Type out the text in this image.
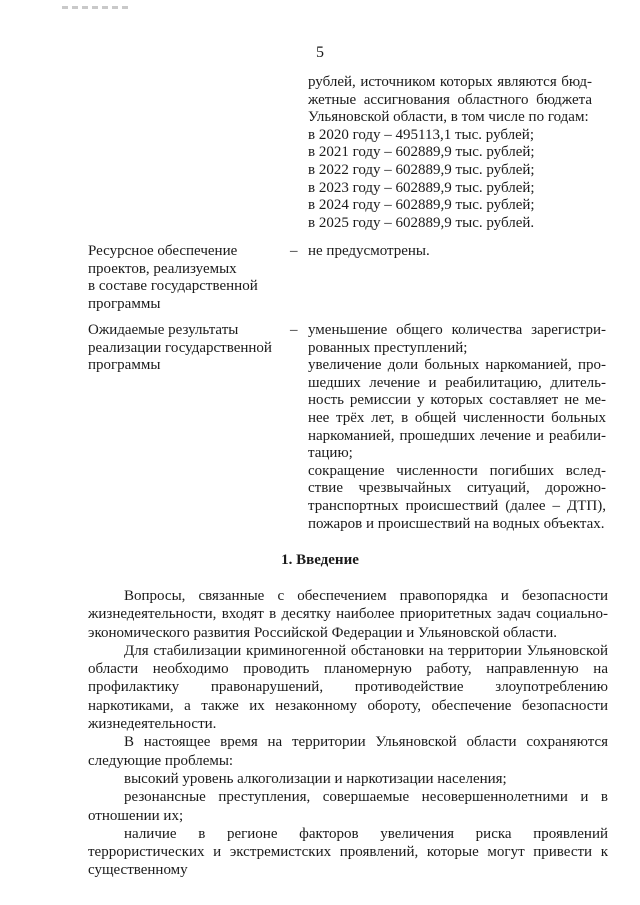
5
рублей, источником которых являются бюд-
жетные ассигнования областного бюджета
Ульяновской области, в том числе по годам:
в 2020 году – 495113,1 тыс. рублей;
в 2021 году – 602889,9 тыс. рублей;
в 2022 году – 602889,9 тыс. рублей;
в 2023 году – 602889,9 тыс. рублей;
в 2024 году – 602889,9 тыс. рублей;
в 2025 году – 602889,9 тыс. рублей.
Ресурсное обеспечение
проектов, реализуемых
в составе государственной
программы
– не предусмотрены.
Ожидаемые результаты
реализации государственной
программы
– уменьшение общего количества зарегистри-
рованных преступлений;
увеличение доли больных наркоманией, про-
шедших лечение и реабилитацию, длитель-
ность ремиссии у которых составляет не ме-
нее трёх лет, в общей численности больных
наркоманией, прошедших лечение и реабили-
тацию;
сокращение численности погибших вслед-
ствие чрезвычайных ситуаций, дорожно-
транспортных происшествий (далее – ДТП),
пожаров и происшествий на водных объектах.
1. Введение
Вопросы, связанные с обеспечением правопорядка и безопасности жизнедеятельности, входят в десятку наиболее приоритетных задач социально-экономического развития Российской Федерации и Ульяновской области.
Для стабилизации криминогенной обстановки на территории Ульяновской области необходимо проводить планомерную работу, направленную на профилактику правонарушений, противодействие злоупотреблению наркотиками, а также их незаконному обороту, обеспечение безопасности жизнедеятельности.
В настоящее время на территории Ульяновской области сохраняются следующие проблемы:
высокий уровень алкоголизации и наркотизации населения;
резонансные преступления, совершаемые несовершеннолетними и в отношении их;
наличие в регионе факторов увеличения риска проявлений террористических и экстремистских проявлений, которые могут привести к существенному
